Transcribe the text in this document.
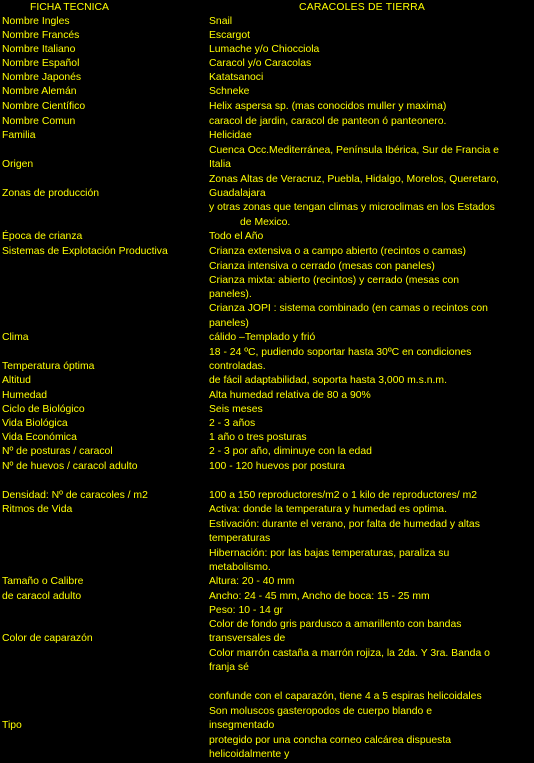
FICHA TECNICA	CARACOLES DE TIERRA
Nombre Ingles	Snail
Nombre Francés	Escargot
Nombre Italiano	Lumache y/o Chiocciola
Nombre Español	Caracol y/o Caracolas
Nombre Japonés	Katatsanoci
Nombre Alemán	Schneke
Nombre Científico	Helix aspersa sp. (mas conocidos muller y maxima)
Nombre Comun	caracol de jardin, caracol de panteon ó panteonero.
Familia	Helicidae
Cuenca Occ.Mediterránea, Península Ibérica, Sur de Francia e
Origen	Italia
Zonas Altas de Veracruz, Puebla, Hidalgo, Morelos, Queretaro,
Zonas de producción	Guadalajara
y otras zonas que tengan climas y microclimas en los Estados
de Mexico.
Época de crianza	Todo el Año
Sistemas de Explotación Productiva	Crianza extensiva o a campo abierto (recintos o camas)
Crianza intensiva o cerrado (mesas con paneles)
Crianza mixta: abierto (recintos) y cerrado (mesas con
paneles).
Crianza JOPI : sistema combinado (en camas o recintos con
paneles)
Clima	cálido –Templado y frió
18 - 24 ºC, pudiendo soportar hasta 30ºC en condiciones
Temperatura óptima	controladas.
Altitud	de fácil adaptabilidad, soporta hasta 3,000 m.s.n.m.
Humedad	Alta humedad relativa de 80 a 90%
Ciclo de Biológico	Seis meses
Vida Biológica	2 - 3 años
Vida Económica	1 año o tres posturas
Nº de posturas / caracol	2 - 3 por año, diminuye con la edad
Nº de huevos / caracol adulto	100 - 120 huevos por postura
Densidad: Nº de caracoles / m2	100 a 150 reproductores/m2 o 1 kilo de reproductores/ m2
Ritmos de Vida	Activa: donde la temperatura y humedad es optima.
Estivación: durante el verano, por falta de humedad y altas
temperaturas
Hibernación: por las bajas temperaturas, paraliza su
metabolismo.
Tamaño o Calibre	Altura: 20 - 40 mm
de caracol adulto	Ancho: 24 - 45 mm, Ancho de boca: 15 - 25 mm
Peso: 10 - 14 gr
Color de fondo gris pardusco a amarillento con bandas
Color de caparazón	transversales de
Color marrón castaña a marrón rojiza, la 2da. Y 3ra. Banda o
franja sé
confunde con el caparazón, tiene 4 a 5 espiras helicoidales
Son moluscos gasteropodos de cuerpo blando e
Tipo	insegmentado
protegido por una concha corneo calcárea dispuesta
helicoidalmente y
